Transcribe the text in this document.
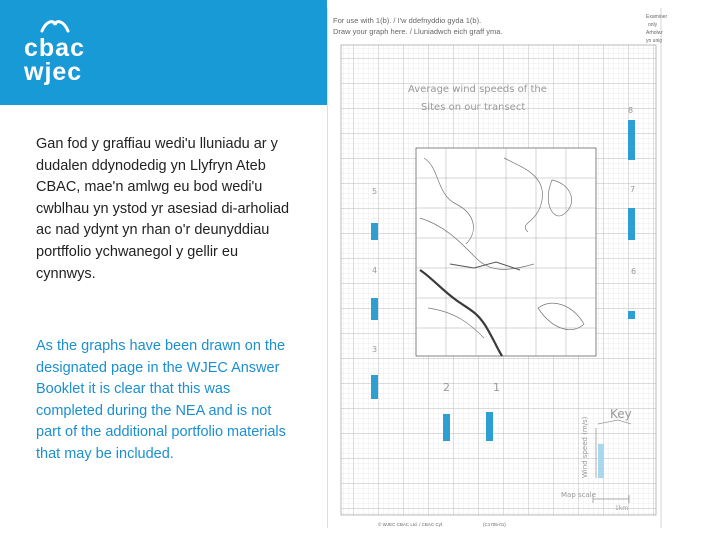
cbac
wjec
Gan fod y graffiau wedi'u lluniadu ar y dudalen ddynodedig yn Llyfryn Ateb CBAC, mae'n amlwg eu bod wedi'u cwblhau yn ystod yr asesiad di-arholiad ac nad ydynt yn rhan o'r deunyddiau portffolio ychwanegol y gellir eu cynnwys.
As the graphs have been drawn on the designated page in the WJEC Answer Booklet it is clear that this was completed during the NEA and is not part of the additional portfolio materials that may be included.
For use with 1(b). / I'w ddefnyddio gyda 1(b).
Draw your graph here. / Lluniadwch eich graff yma.
Examiner
only
Arholwr
yn unig
Average wind speeds of the
Sites on our transect	8
7
6
5
4
3
2	1
Key
Wind speed (m/s)
Map scale
1km
© WJEC CBAC Ltd. / CBAC Cyf.	(C1705-01)
